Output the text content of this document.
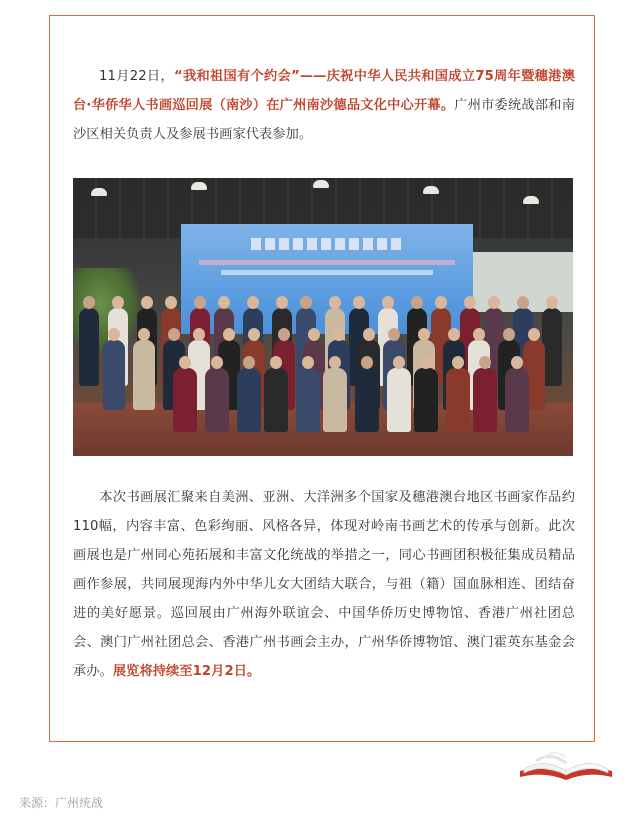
11月22日，“我和祖国有个约会”——庆祝中华人民共和国成立75周年暨穗港澳台·华侨华人书画巡回展（南沙）在广州南沙德品文化中心开幕。广州市委统战部和南沙区相关负责人及参展书画家代表参加。

本次书画展汇聚来自美洲、亚洲、大洋洲多个国家及穗港澳台地区书画家作品约110幅，内容丰富、色彩绚丽、风格各异，体现对岭南书画艺术的传承与创新。此次画展也是广州同心苑拓展和丰富文化统战的举措之一，同心书画团积极征集成员精品画作参展，共同展现海内外中华儿女大团结大联合，与祖（籍）国血脉相连、团结奋进的美好愿景。巡回展由广州海外联谊会、中国华侨历史博物馆、香港广州社团总会、澳门广州社团总会、香港广州书画会主办，广州华侨博物馆、澳门霍英东基金会承办。展览将持续至12月2日。

来源：广州统战
